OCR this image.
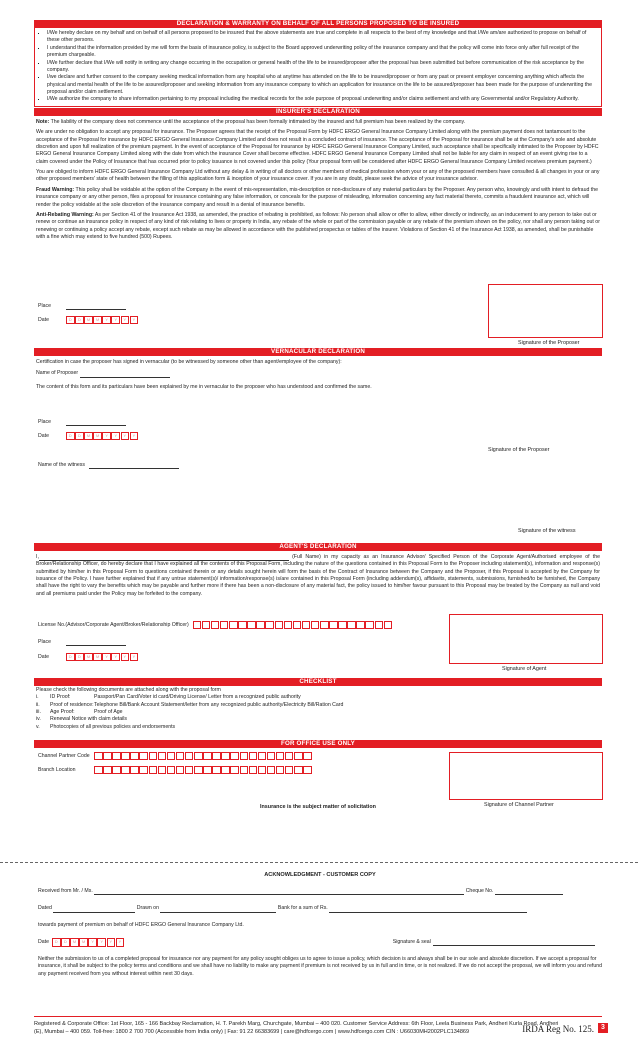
DECLARATION & WARRANTY ON BEHALF OF ALL PERSONS PROPOSED TO BE INSURED
▪ I/We hereby declare on my behalf and on behalf of all persons proposed to be insured that the above statements are true and complete in all respects to the best of my knowledge and that I/We am/are authorized to propose on behalf of these other persons.
▪ I understand that the information provided by me will form the basis of insurance policy, is subject to the Board approved underwriting policy of the insurance company and that the policy will come into force only after full receipt of the premium chargeable.
▪ I/We further declare that I/We will notify in writing any change occurring in the occupation or general health of the life to be insured/proposer after the proposal has been submitted but before communication of the risk acceptance by the company.
▪ I/we declare and further consent to the company seeking medical information from any hospital who at anytime has attended on the life to be insured/proposer or from any past or present employer concerning anything which affects the physical and mental health of the life to be assured/proposer and seeking information from any insurance company to which an application for insurance on the life to be assured/proposer has been made for the purpose of underwriting the proposal and/or claim settlement.
▪ I/We authorize the company to share information pertaining to my proposal including the medical records for the sole purpose of proposal underwriting and/or claims settlement and with any Governmental and/or Regulatory Authority.
INSURER'S DECLARATION

Note: The liability of the company does not commence until the acceptance of the proposal has been formally intimated by the insured and full premium has been realized by the company.

We are under no obligation to accept any proposal for insurance. The Proposer agrees that the receipt of the Proposal Form by HDFC ERGO General Insurance Company Limited along with the premium payment does not tantamount to the acceptance of the Proposal for insurance by HDFC ERGO General Insurance Company Limited and does not result in a concluded contract of insurance. The acceptance of the Proposal for insurance shall be at the Company's sole and absolute discretion and upon full realization of the premium payment. In the event of acceptance of the Proposal for insurance by HDFC ERGO General Insurance Company Limited, such acceptance shall be specifically intimated to the Proposer by HDFC ERGO General Insurance Company Limited along with the date from which the insurance Cover shall become effective. HDFC ERGO General Insurance Company Limited shall not be liable for any claim in respect of an event giving rise to a claim covered under the Policy of Insurance that has occurred prior to policy issuance is not covered under this policy (Your proposal form will be considered after HDFC ERGO General Insurance Company Limited receives premium payment.)

You are obliged to inform HDFC ERGO General Insurance Company Ltd without any delay & in writing of all doctors or other members of medical profession whom your or any of the proposed members have consulted & all changes in your or any other proposed members' state of health between the filling of this application form & inception of your insurance cover. If you are in any doubt, please seek the advice of your insurance advisor.

Fraud Warning: This policy shall be voidable at the option of the Company in the event of mis-representation, mis-description or non-disclosure of any material particulars by the Proposer. Any person who, knowingly and with intent to defraud the insurance company or any other person, files a proposal for insurance containing any false information, or conceals for the purpose of misleading, information concerning any fact material thereto, commits a fraudulent insurance act, which will render the policy voidable at the sole discretion of the insurance company and result in a denial of insurance benefits.

Anti-Rebating Warning: As per Section 41 of the Insurance Act 1938, as amended, the practice of rebating is prohibited, as follows: No person shall allow or offer to allow, either directly or indirectly, as an inducement to any person to take out or renew or continue an insurance policy in respect of any kind of risk relating to lives or property in India, any rebate of the whole or part of the commission payable or any rebate of the premium shown on the policy, nor shall any person taking out or renewing or continuing a policy accept any rebate, except such rebate as may be allowed in accordance with the published prospectus or tables of the insurer. Violations of Section 41 of the Insurance Act 1938, as amended, shall be punishable with a fine which may extend to five hundred (500) Rupees.

Place
Date	D D M M Y Y Y Y
Signature of the Proposer
VERNACULAR DECLARATION

Certification in case the proposer has signed in vernacular (to be witnessed by someone other than agent/employee of the company):

Name of Proposer

The content of this form and its particulars have been explained by me in vernacular to the proposer who has understood and confirmed the same.

Place
Date	D D M M Y Y Y Y
Signature of the Proposer
Name of the witness
Signature of the witness
AGENT'S DECLARATION

I,	(Full Name) in my capacity as an Insurance Advisor/ Specified Person of the Corporate Agent/Authorised employee of the Broker/Relationship Officer, do hereby declare that I have explained all the contents of this Proposal Form, including the nature of the questions contained in this Proposal Form to the Proposer including statement(s), information and response(s) submitted by him/her in this Proposal Form to questions contained therein or any details sought herein will form the basis of the Contract of Insurance between the Company and the Proposer, if this Proposal is accepted by the Company for issuance of the Policy. I have further explained that if any untrue statement(s)/ information/response(s) is/are contained in this Proposal Form (including addendum(s), affidavits, statements, submissions, furnished/to be furnished, the Company shall have the right to vary the benefits which may be payable and further more if there has been a non-disclosure of any material fact, the policy issued to him/her favour pursuant to this Proposal may be treated by the Company as null and void and all premiums paid under the Policy may be forfeited to the company.

License No.(Advisor/Corporate Agent/Broker/Relationship Officer)
Place
Date	D D M M Y Y Y Y
Signature of Agent
CHECKLIST
Please check the following documents are attached along with the proposal form
i.	ID Proof:	Passport/Pan Card/Voter id card/Driving License/ Letter from a recognized public authority
ii.	Proof of residence: Telephone Bill/Bank Account Statement/letter from any recognized public authority/Electricity Bill/Ration Card
iii.	Age Proof:	Proof of Age
iv.	Renewal Notice with claim details
v.	Photocopies of all previous policies and endorsements
FOR OFFICE USE ONLY
Channel Partner Code
Branch Location
Insurance is the subject matter of solicitation	Signature of Channel Partner
ACKNOWLEDGMENT - CUSTOMER COPY
Received from Mr. / Ms.	Cheque No.
Dated	Drawn on	Bank for a sum of Rs.
towards payment of premium on behalf of HDFC ERGO General Insurance Company Ltd.
Date	D D M M Y Y Y Y	Signature & seal

Neither the submission to us of a completed proposal for insurance nor any payment for any policy sought obliges us to agree to issue a policy, which decision is and always shall be in our sole and absolute discretion. If we accept a proposal for insurance, it shall be subject to the policy terms and conditions and we shall have no liability to make any payment if premium is not received by us in full and in time, or is not realized. If we do not accept the proposal, we will inform you and refund any payment received from you without interest within next 30 days.

Registered & Corporate Office: 1st Floor, 165 - 166 Backbay Reclamation, H. T. Parekh Marg, Churchgate, Mumbai – 400 020. Customer Service Address: 6th Floor, Leela Business Park, Andheri Kurla Road, Andheri
(E), Mumbai – 400 059. Toll-free: 1800 2 700 700 (Accessible from India only) | Fax: 91 22 66383699 | care@hdfcergo.com | www.hdfcergo.com CIN : U66030MH2002PLC134869	IRDA Reg No. 125.	3
